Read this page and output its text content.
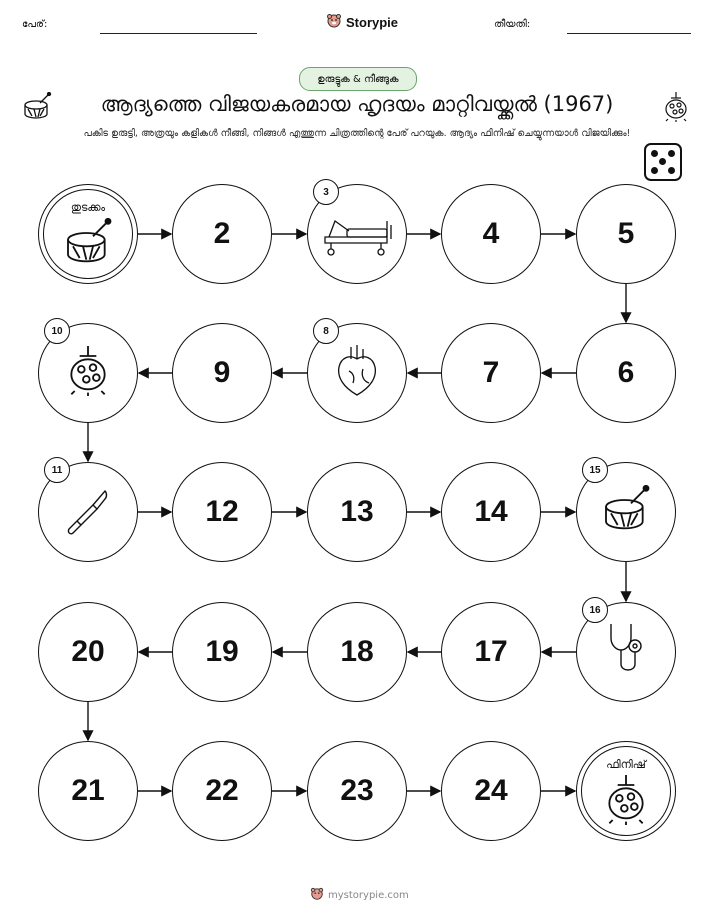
പേര്:	Storypie	തീയതി:
ഉരുട്ടുക & നീങ്ങുക
ആദ്യത്തെ വിജയകരമായ ഹൃദയം മാറ്റിവയ്ക്കൽ (1967)
പകിട ഉരുട്ടി, അത്രയും കളികൾ നീങ്ങി, നിങ്ങൾ എത്തുന്ന ചിത്രത്തിന്റെ പേര് പറയുക. ആദ്യം ഫിനിഷ് ചെയ്യുന്നയാൾ വിജയിക്കും!
തുടക്കം
2
3
4	5
6
7
8
9
10
11
12	13	14
15
16
17
18
19
20
21	22	23	24
ഫിനിഷ്
mystorypie.com
